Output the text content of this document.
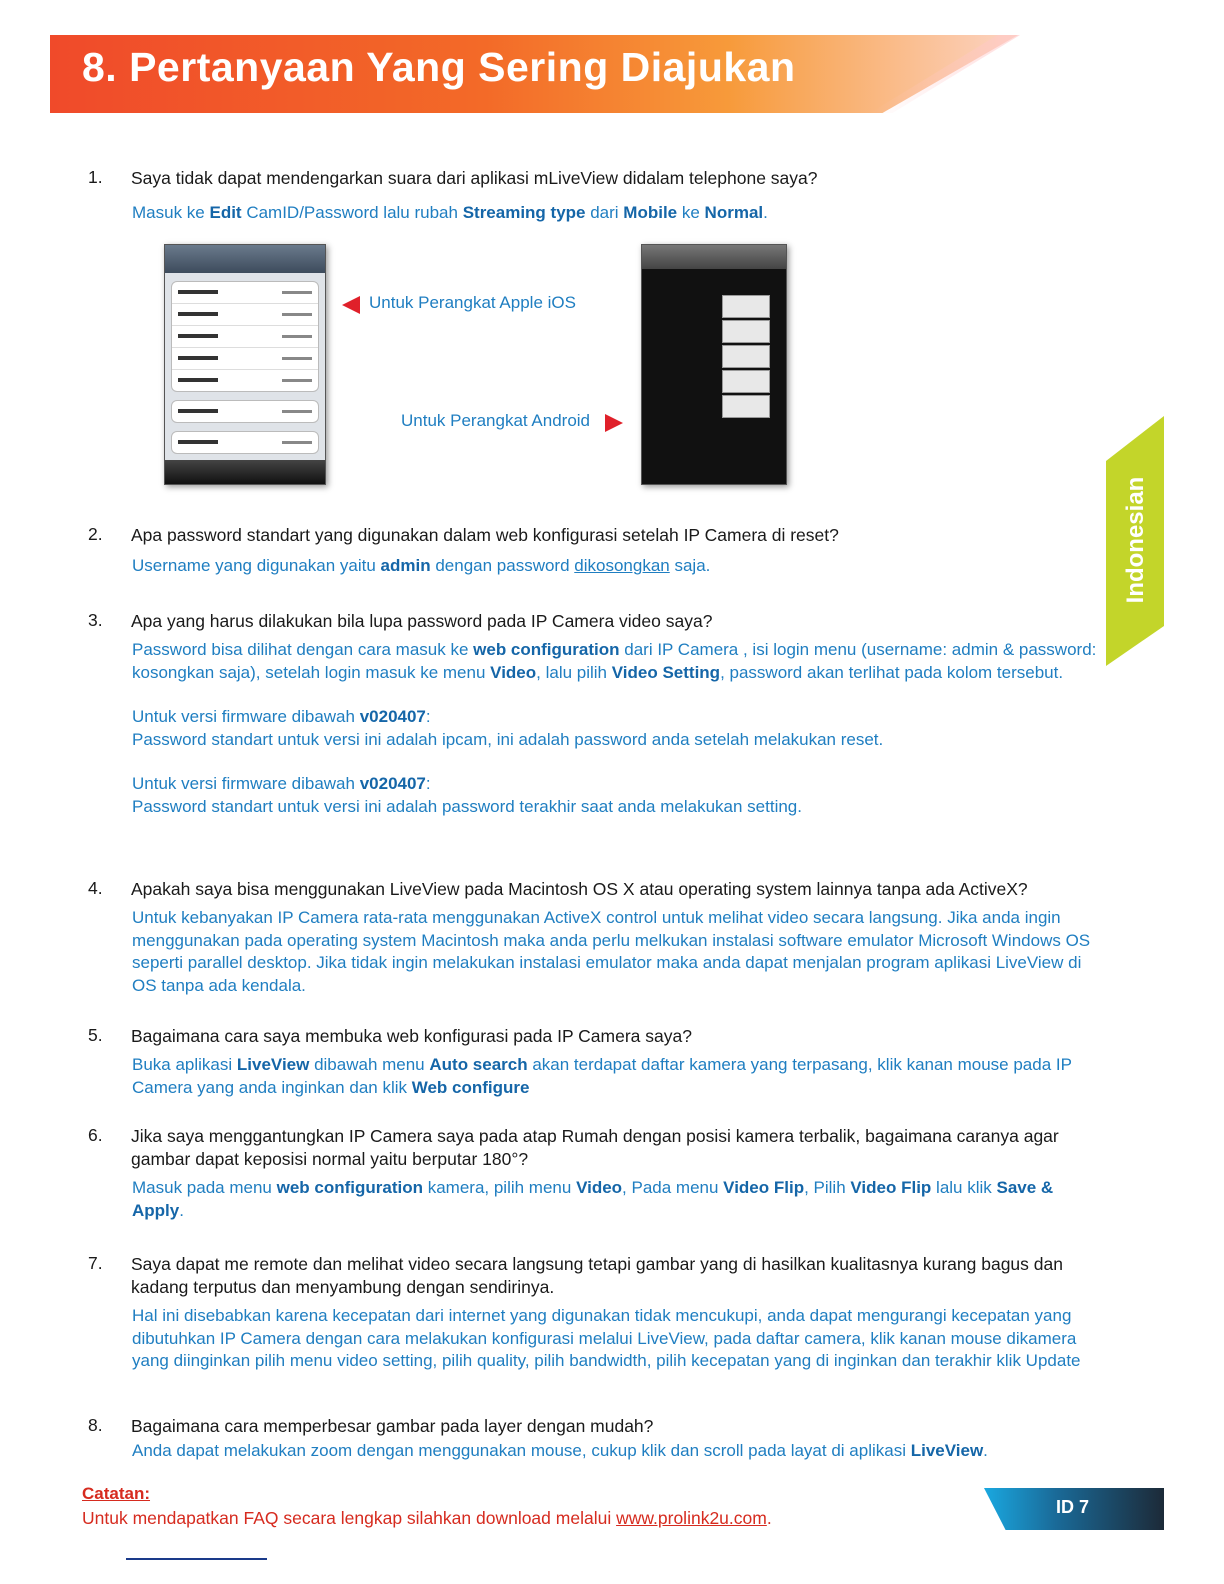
8. Pertanyaan Yang Sering Diajukan
Indonesian
1. Saya tidak dapat mendengarkan suara dari aplikasi mLiveView didalam telephone saya?
Masuk ke Edit CamID/Password lalu rubah Streaming type dari Mobile ke Normal.
Untuk Perangkat Apple iOS
Untuk Perangkat Android
2. Apa password standart yang digunakan dalam web konfigurasi setelah IP Camera di reset?
Username yang digunakan yaitu admin dengan password dikosongkan saja.
3. Apa yang harus dilakukan bila lupa password pada IP Camera video saya?
Password bisa dilihat dengan cara masuk ke web configuration dari IP Camera , isi login menu (username: admin & password: kosongkan saja), setelah login masuk ke menu Video, lalu pilih Video Setting, password akan terlihat pada kolom tersebut.
Untuk versi firmware dibawah v020407:
Password standart untuk versi ini adalah ipcam, ini adalah password anda setelah melakukan reset.
Untuk versi firmware dibawah v020407:
Password standart untuk versi ini adalah password terakhir saat anda melakukan setting.
4. Apakah saya bisa menggunakan LiveView pada Macintosh OS X atau operating system lainnya tanpa ada ActiveX?
Untuk kebanyakan IP Camera rata-rata menggunakan ActiveX control untuk melihat video secara langsung. Jika anda ingin menggunakan pada operating system Macintosh maka anda perlu melkukan instalasi software emulator Microsoft Windows OS seperti parallel desktop. Jika tidak ingin melakukan instalasi emulator maka anda dapat menjalan program aplikasi LiveView di OS tanpa ada kendala.
5. Bagaimana cara saya membuka web konfigurasi pada IP Camera saya?
Buka aplikasi LiveView dibawah menu Auto search akan terdapat daftar kamera yang terpasang, klik kanan mouse pada IP Camera yang anda inginkan dan klik Web configure
6. Jika saya menggantungkan IP Camera saya pada atap Rumah dengan posisi kamera terbalik, bagaimana caranya agar gambar dapat keposisi normal yaitu berputar 180°?
Masuk pada menu web configuration kamera, pilih menu Video, Pada menu Video Flip, Pilih Video Flip lalu klik Save & Apply.
7. Saya dapat me remote dan melihat video secara langsung tetapi gambar yang di hasilkan kualitasnya kurang bagus dan kadang terputus dan menyambung dengan sendirinya.
Hal ini disebabkan karena kecepatan dari internet yang digunakan tidak mencukupi, anda dapat mengurangi kecepatan yang dibutuhkan IP Camera dengan cara melakukan konfigurasi melalui LiveView, pada daftar camera, klik kanan mouse dikamera yang diinginkan pilih menu video setting, pilih quality, pilih bandwidth, pilih kecepatan yang di inginkan dan terakhir klik Update
8. Bagaimana cara memperbesar gambar pada layer dengan mudah?
Anda dapat melakukan zoom dengan menggunakan mouse, cukup klik dan scroll pada layat di aplikasi LiveView.
Catatan:
Untuk mendapatkan FAQ secara lengkap silahkan download melalui www.prolink2u.com.
ID 7
